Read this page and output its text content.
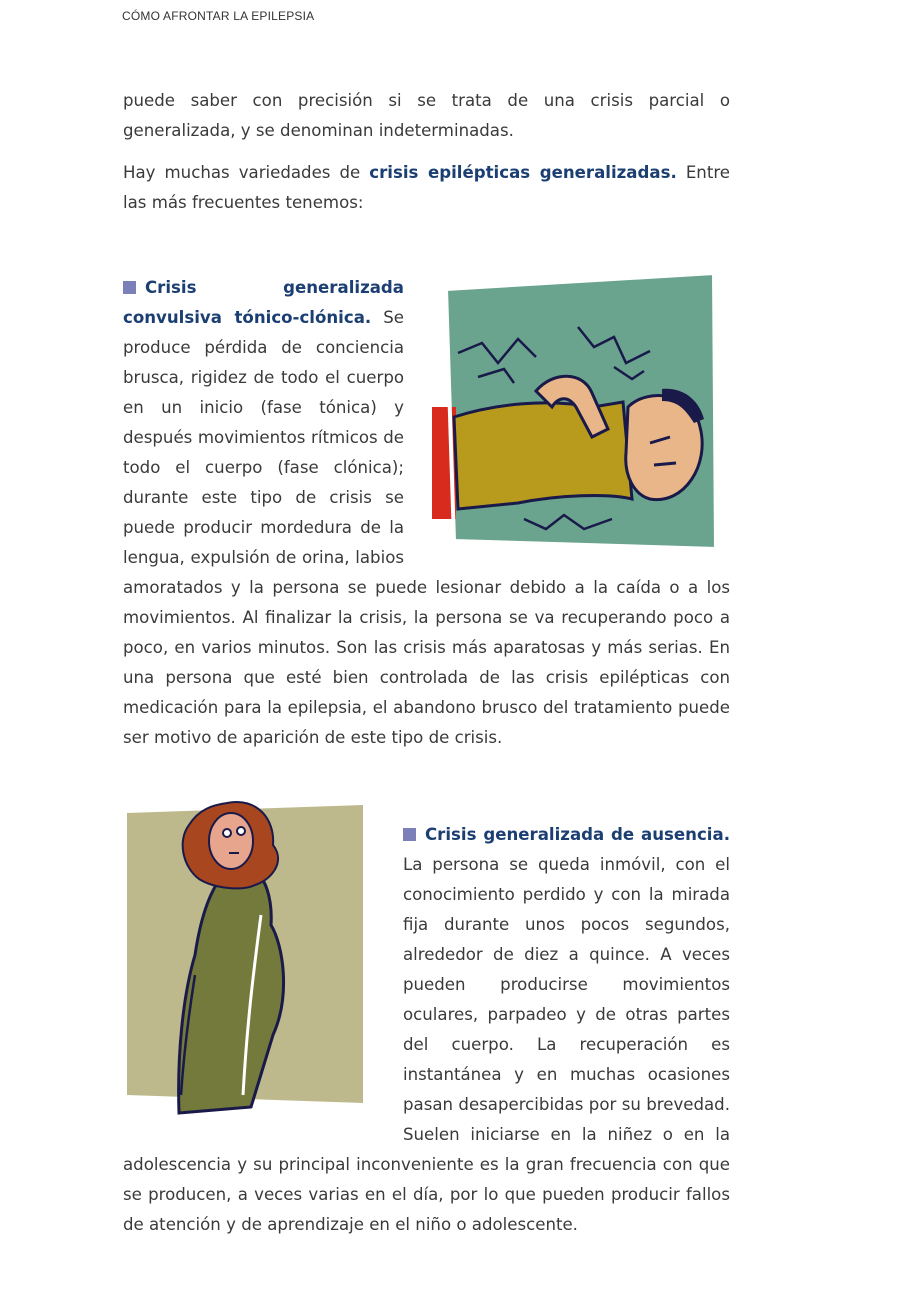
CÓMO AFRONTAR LA EPILEPSIA

puede saber con precisión si se trata de una crisis parcial o generalizada, y se denominan indeterminadas.

Hay muchas variedades de crisis epilépticas generalizadas. Entre las más frecuentes tenemos:

Crisis generalizada convulsiva tónico-clónica. Se produce pérdida de conciencia brusca, rigidez de todo el cuerpo en un inicio (fase tónica) y después movimientos rítmicos de todo el cuerpo (fase clónica); durante este tipo de crisis se puede producir mordedura de la lengua, expulsión de orina, labios amoratados y la persona se puede lesionar debido a la caída o a los movimientos. Al finalizar la crisis, la persona se va recuperando poco a poco, en varios minutos. Son las crisis más aparatosas y más serias. En una persona que esté bien controlada de las crisis epilépticas con medicación para la epilepsia, el abandono brusco del tratamiento puede ser motivo de aparición de este tipo de crisis.
Crisis generalizada de ausencia. La persona se queda inmóvil, con el conocimiento perdido y con la mirada fija durante unos pocos segundos, alrededor de diez a quince. A veces pueden producirse movimientos oculares, parpadeo y de otras partes del cuerpo. La recuperación es instantánea y en muchas ocasiones pasan desapercibidas por su brevedad. Suelen iniciarse en la niñez o en la adolescencia y su principal inconveniente es la gran frecuencia con que se producen, a veces varias en el día, por lo que pueden producir fallos de atención y de aprendizaje en el niño o adolescente.
